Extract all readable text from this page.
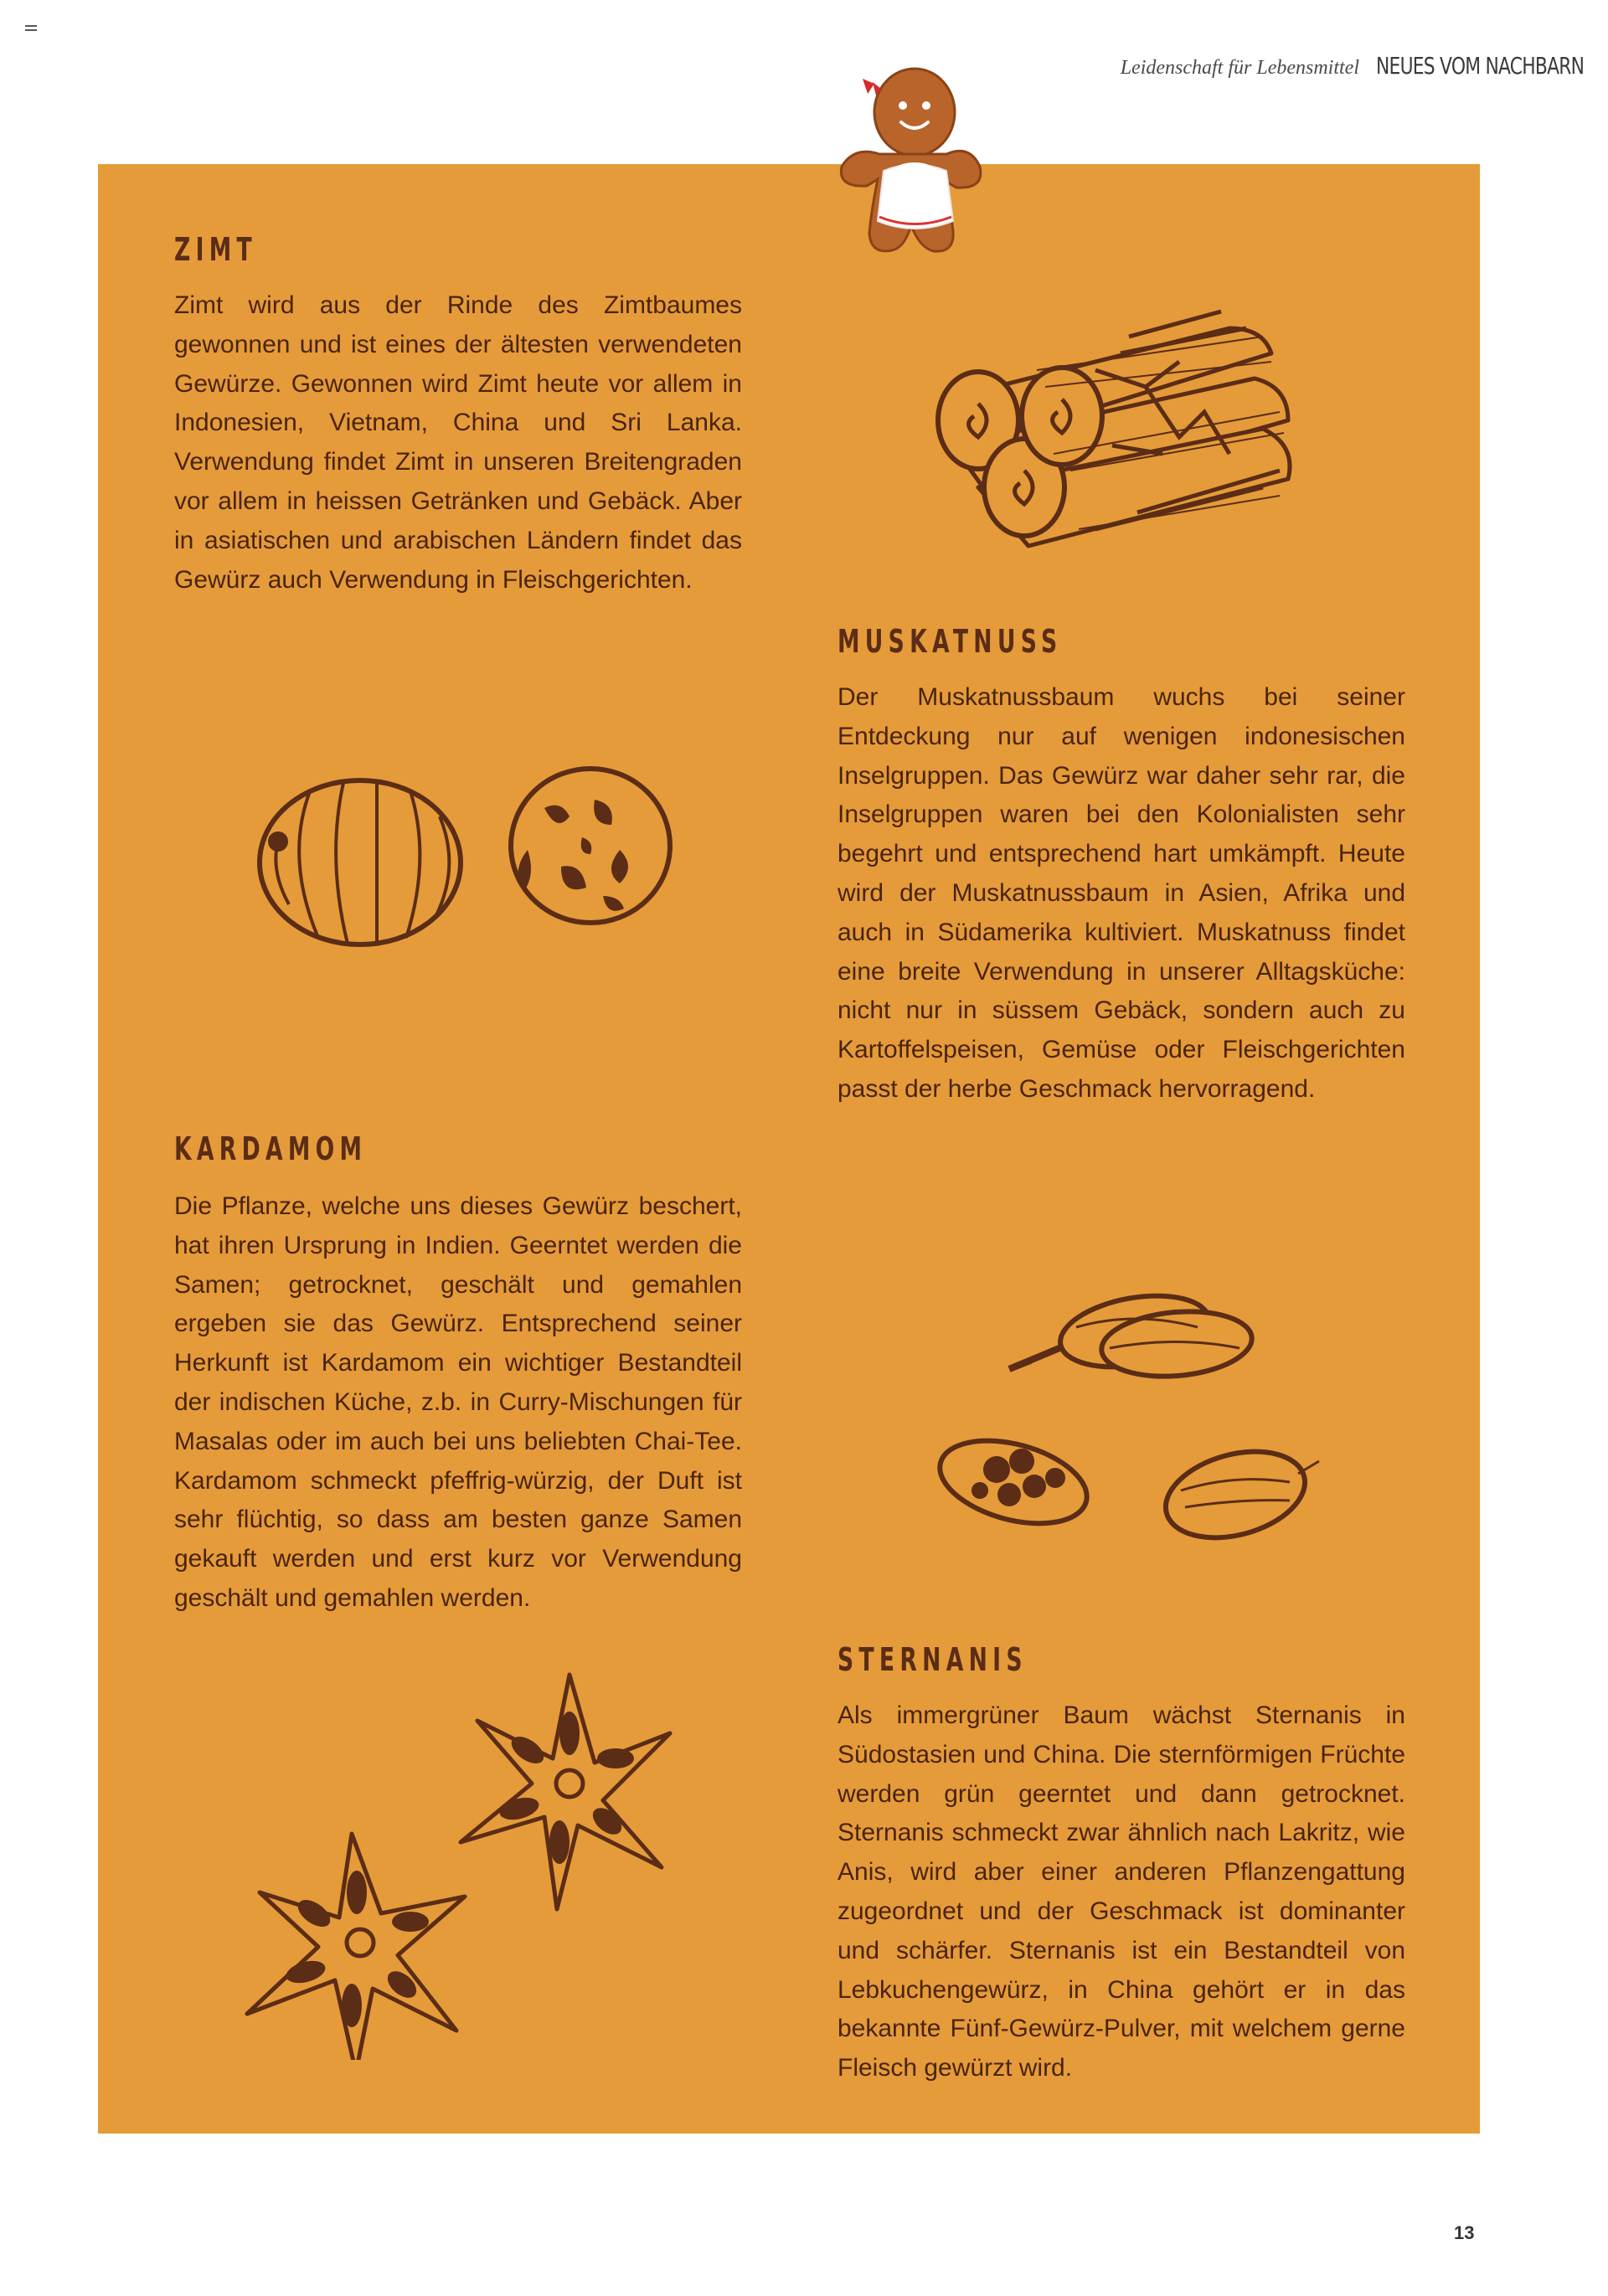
Leidenschaft für Lebensmittel NEUES VOM NACHBARN
ZIMT

Zimt wird aus der Rinde des Zimtbaumes gewonnen und ist eines der ältesten verwendeten Gewürze. Gewonnen wird Zimt heute vor allem in Indonesien, Vietnam, China und Sri Lanka. Verwendung findet Zimt in unseren Breitengraden vor allem in heissen Getränken und Gebäck. Aber in asiatischen und arabischen Ländern findet das Gewürz auch Verwendung in Fleischgerichten.

MUSKATNUSS

Der Muskatnussbaum wuchs bei seiner Entdeckung nur auf wenigen indonesischen Inselgruppen. Das Gewürz war daher sehr rar, die Inselgruppen waren bei den Kolonialisten sehr begehrt und entsprechend hart umkämpft. Heute wird der Muskatnussbaum in Asien, Afrika und auch in Südamerika kultiviert. Muskatnuss findet eine breite Verwendung in unserer Alltagsküche: nicht nur in süssem Gebäck, sondern auch zu Kartoffelspeisen, Gemüse oder Fleischgerichten passt der herbe Geschmack hervorragend.

KARDAMOM

Die Pflanze, welche uns dieses Gewürz beschert, hat ihren Ursprung in Indien. Geerntet werden die Samen; getrocknet, geschält und gemahlen ergeben sie das Gewürz. Entsprechend seiner Herkunft ist Kardamom ein wichtiger Bestandteil der indischen Küche, z.b. in Curry-Mischungen für Masalas oder im auch bei uns beliebten Chai-Tee. Kardamom schmeckt pfeffrig-würzig, der Duft ist sehr flüchtig, so dass am besten ganze Samen gekauft werden und erst kurz vor Verwendung geschält und gemahlen werden.

STERNANIS

Als immergrüner Baum wächst Sternanis in Südostasien und China. Die sternförmigen Früchte werden grün geerntet und dann getrocknet. Sternanis schmeckt zwar ähnlich nach Lakritz, wie Anis, wird aber einer anderen Pflanzengattung zugeordnet und der Geschmack ist dominanter und schärfer. Sternanis ist ein Bestandteil von Lebkuchengewürz, in China gehört er in das bekannte Fünf-Gewürz-Pulver, mit welchem gerne Fleisch gewürzt wird.

13
